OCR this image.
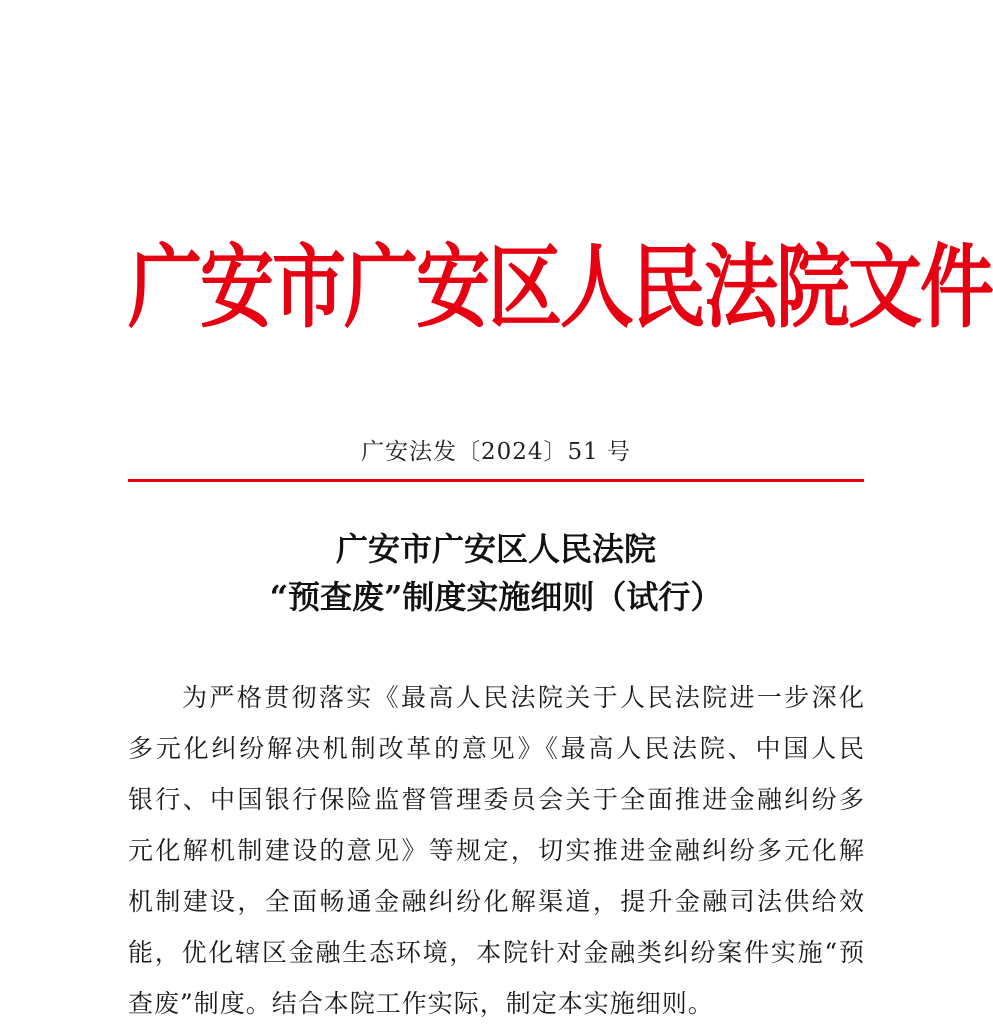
广安市广安区人民法院文件
广安法发〔2024〕51 号
广安市广安区人民法院
“预查废”制度实施细则（试行）
为严格贯彻落实《最高人民法院关于人民法院进一步深化
多元化纠纷解决机制改革的意见》《最高人民法院、中国人民
银行、中国银行保险监督管理委员会关于全面推进金融纠纷多
元化解机制建设的意见》等规定，切实推进金融纠纷多元化解
机制建设，全面畅通金融纠纷化解渠道，提升金融司法供给效
能，优化辖区金融生态环境，本院针对金融类纠纷案件实施“预
查废”制度。结合本院工作实际，制定本实施细则。
